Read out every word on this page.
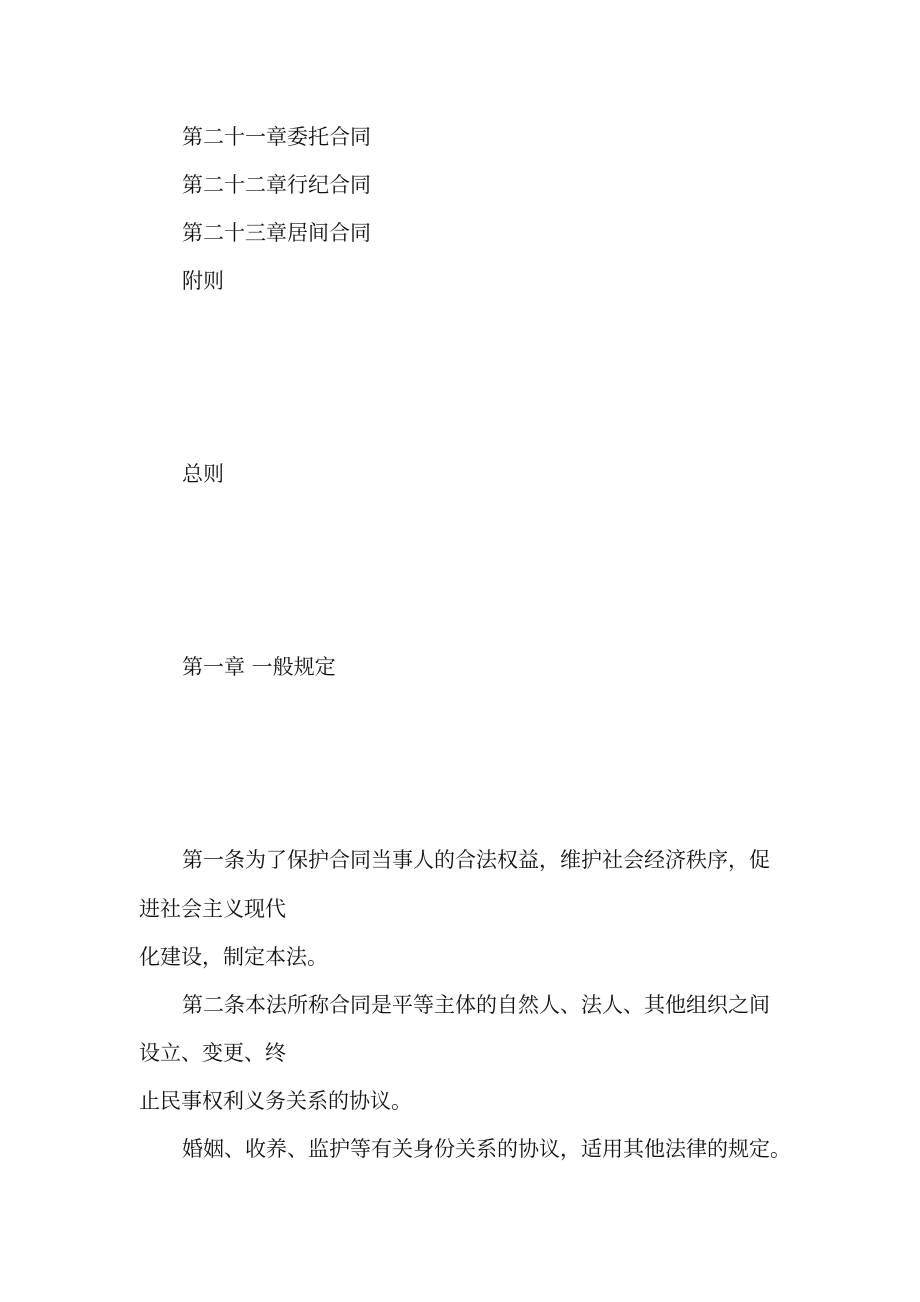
第二十一章委托合同
第二十二章行纪合同
第二十三章居间合同
附则
总则
第一章 一般规定
第一条为了保护合同当事人的合法权益，维护社会经济秩序，促
进社会主义现代
化建设，制定本法。
第二条本法所称合同是平等主体的自然人、法人、其他组织之间
设立、变更、终
止民事权利义务关系的协议。
婚姻、收养、监护等有关身份关系的协议，适用其他法律的规定。
